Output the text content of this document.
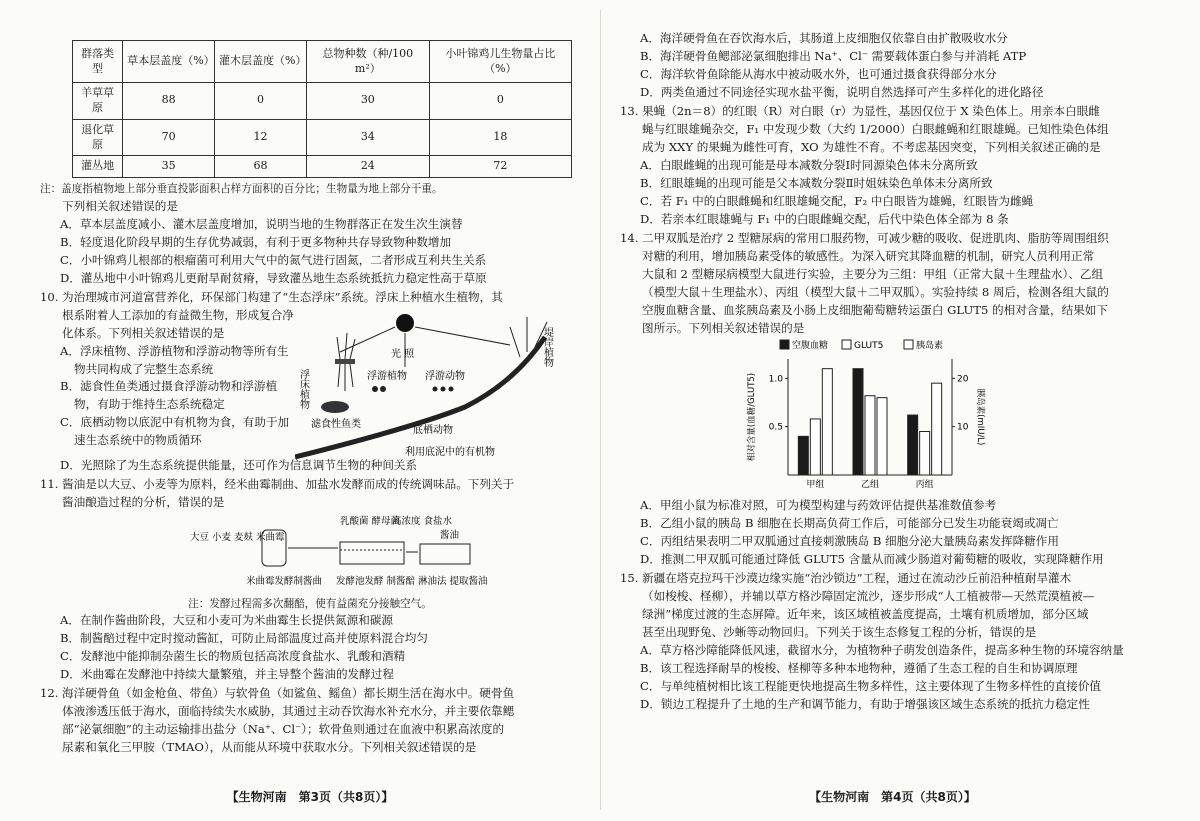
群落类型	草本层盖度（%）	灌木层盖度（%）	总物种数（种/100 m²）	小叶锦鸡儿生物量占比（%）
羊草草原	88	0	30	0
退化草原	70	12	34	18
灌丛地	35	68	24	72
注：盖度指植物地上部分垂直投影面积占样方面积的百分比；生物量为地上部分干重。
下列相关叙述错误的是
A．草本层盖度减小、灌木层盖度增加，说明当地的生物群落正在发生次生演替
B．轻度退化阶段早期的生存优势减弱，有利于更多物种共存导致物种数增加
C．小叶锦鸡儿根部的根瘤菌可利用大气中的氮气进行固氮，二者形成互利共生关系
D．灌丛地中小叶锦鸡儿更耐旱耐贫瘠，导致灌丛地生态系统抵抗力稳定性高于草原
10. 为治理城市河道富营养化，环保部门构建了“生态浮床”系统。浮床上种植水生植物，其
根系附着人工添加的有益微生物，形成复合净
化体系。下列相关叙述错误的是
A．浮床植物、浮游植物和浮游动物等所有生物共同构成了完整生态系统
B．滤食性鱼类通过摄食浮游动物和浮游植物，有助于维持生态系统稳定
C．底栖动物以底泥中有机物为食，有助于加速生态系统中的物质循环
光 照
浮床植物
堤岸植物
浮游植物 浮游动物
滤食性鱼类
底栖动物
利用底泥中的有机物
D．光照除了为生态系统提供能量，还可作为信息调节生物的种间关系
11. 酱油是以大豆、小麦等为原料，经米曲霉制曲、加盐水发酵而成的传统调味品。下列关于
酱油酿造过程的分析，错误的是
大豆 小麦 麦麸 米曲霉
米曲霉发酵制酱曲
乳酸菌 酵母菌
高浓度 食盐水
发酵池发酵 制酱醅
酱油
淋油法 提取酱油
注：发酵过程需多次翻醅，使有益菌充分接触空气。
A．在制作酱曲阶段，大豆和小麦可为米曲霉生长提供氮源和碳源
B．制酱醅过程中定时搅动酱缸，可防止局部温度过高并使原料混合均匀
C．发酵池中能抑制杂菌生长的物质包括高浓度食盐水、乳酸和酒精
D．米曲霉在发酵池中持续大量繁殖，并主导整个酱油的发酵过程
12. 海洋硬骨鱼（如金枪鱼、带鱼）与软骨鱼（如鲨鱼、鳐鱼）都长期生活在海水中。硬骨鱼
体液渗透压低于海水，面临持续失水威胁，其通过主动吞饮海水补充水分，并主要依靠鳃
部“泌氯细胞”的主动运输排出盐分（Na⁺、Cl⁻）；软骨鱼则通过在血液中积累高浓度的
尿素和氧化三甲胺（TMAO），从而能从环境中获取水分。下列相关叙述错误的是
【生物河南　第3页（共8页）】
A．海洋硬骨鱼在吞饮海水后，其肠道上皮细胞仅依靠自由扩散吸收水分
B．海洋硬骨鱼鳃部泌氯细胞排出 Na⁺、Cl⁻ 需要载体蛋白参与并消耗 ATP
C．海洋软骨鱼除能从海水中被动吸水外，也可通过摄食获得部分水分
D．两类鱼通过不同途径实现水盐平衡，说明自然选择可产生多样化的进化路径
13. 果蝇（2n＝8）的红眼（R）对白眼（r）为显性，基因仅位于 X 染色体上。用亲本白眼雌
蝇与红眼雄蝇杂交，F₁ 中发现少数（大约 1/2000）白眼雌蝇和红眼雄蝇。已知性染色体组
成为 XXY 的果蝇为雌性可育，XO 为雄性不育。不考虑基因突变，下列相关叙述正确的是
A．白眼雌蝇的出现可能是母本减数分裂Ⅰ时同源染色体未分离所致
B．红眼雄蝇的出现可能是父本减数分裂Ⅱ时姐妹染色单体未分离所致
C．若 F₁ 中的白眼雌蝇和红眼雄蝇交配，F₂ 中白眼皆为雄蝇，红眼皆为雌蝇
D．若亲本红眼雄蝇与 F₁ 中的白眼雌蝇交配，后代中染色体全部为 8 条
14. 二甲双胍是治疗 2 型糖尿病的常用口服药物，可减少糖的吸收、促进肌肉、脂肪等周围组织
对糖的利用，增加胰岛素受体的敏感性。为深入研究其降血糖的机制，研究人员利用正常
大鼠和 2 型糖尿病模型大鼠进行实验，主要分为三组：甲组（正常大鼠＋生理盐水）、乙组
（模型大鼠＋生理盐水）、丙组（模型大鼠＋二甲双胍）。实验持续 8 周后，检测各组大鼠的
空腹血糖含量、血浆胰岛素及小肠上皮细胞葡萄糖转运蛋白 GLUT5 的相对含量，结果如下
图所示。下列相关叙述错误的是
空腹血糖	GLUT5	胰岛素
0.5
1.0
10
20
相对含量(血糖/GLUT5)	胰岛素(mIU/L)
甲组	乙组	丙组
A．甲组小鼠为标准对照，可为模型构建与药效评估提供基准数值参考
B．乙组小鼠的胰岛 B 细胞在长期高负荷工作后，可能部分已发生功能衰竭或凋亡
C．丙组结果表明二甲双胍通过直接刺激胰岛 B 细胞分泌大量胰岛素发挥降糖作用
D．推测二甲双胍可能通过降低 GLUT5 含量从而减少肠道对葡萄糖的吸收，实现降糖作用
15. 新疆在塔克拉玛干沙漠边缘实施“治沙锁边”工程，通过在流动沙丘前沿种植耐旱灌木
（如梭梭、柽柳），并辅以草方格沙障固定流沙，逐步形成“人工植被带—天然荒漠植被—
绿洲”梯度过渡的生态屏障。近年来，该区域植被盖度提高，土壤有机质增加，部分区域
甚至出现野兔、沙蜥等动物回归。下列关于该生态修复工程的分析，错误的是
A．草方格沙障能降低风速，截留水分，为植物种子萌发创造条件，提高多种生物的环境容纳量
B．该工程选择耐旱的梭梭、柽柳等多种本地物种，遵循了生态工程的自生和协调原理
C．与单纯植树相比该工程能更快地提高生物多样性，这主要体现了生物多样性的直接价值
D．锁边工程提升了土地的生产和调节能力，有助于增强该区域生态系统的抵抗力稳定性
【生物河南　第4页（共8页）】
